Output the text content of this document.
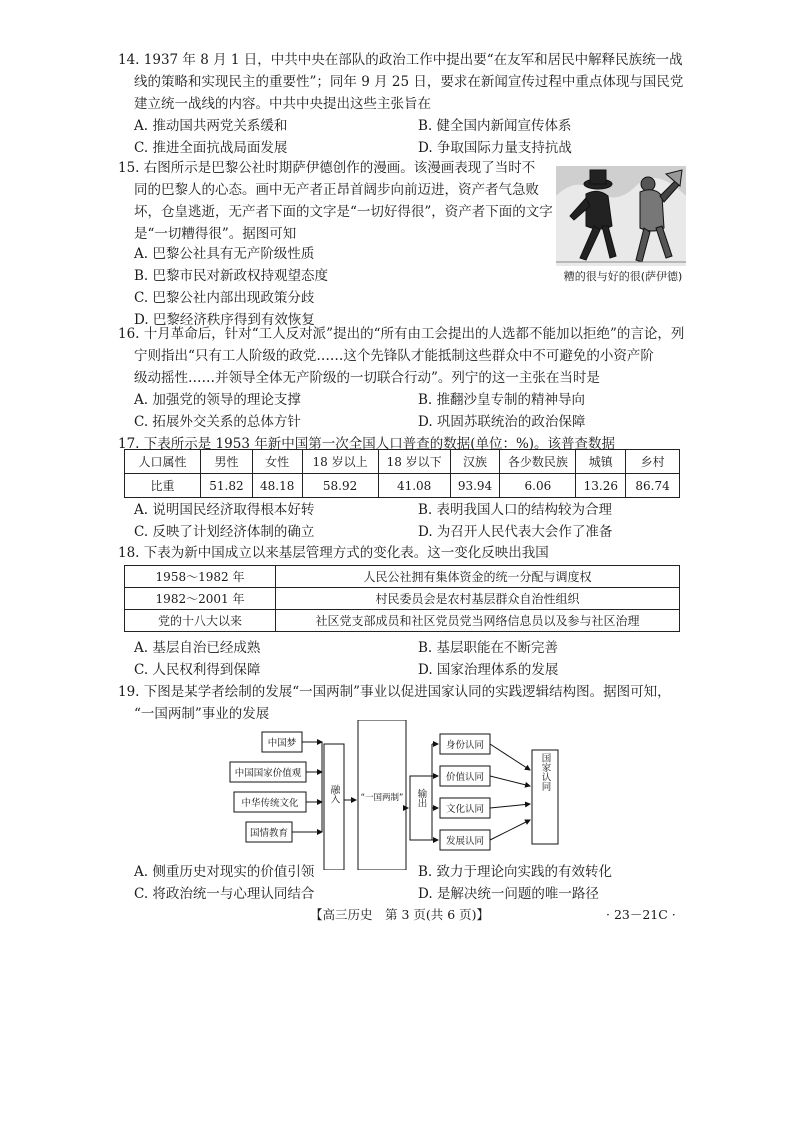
14. 1937 年 8 月 1 日，中共中央在部队的政治工作中提出要“在友军和居民中解释民族统一战
线的策略和实现民主的重要性”；同年 9 月 25 日，要求在新闻宣传过程中重点体现与国民党
建立统一战线的内容。中共中央提出这些主张旨在
A. 推动国共两党关系缓和	B. 健全国内新闻宣传体系
C. 推进全面抗战局面发展	D. 争取国际力量支持抗战
15. 右图所示是巴黎公社时期萨伊德创作的漫画。该漫画表现了当时不
同的巴黎人的心态。画中无产者正昂首阔步向前迈进，资产者气急败
坏，仓皇逃逝，无产者下面的文字是“一切好得很”，资产者下面的文字
是“一切糟得很”。据图可知
A. 巴黎公社具有无产阶级性质
B. 巴黎市民对新政权持观望态度
C. 巴黎公社内部出现政策分歧
D. 巴黎经济秩序得到有效恢复
糟的很与好的很(萨伊德)
16. 十月革命后，针对“工人反对派”提出的“所有由工会提出的人选都不能加以拒绝”的言论，列
宁则指出“只有工人阶级的政党……这个先锋队才能抵制这些群众中不可避免的小资产阶
级动摇性……并领导全体无产阶级的一切联合行动”。列宁的这一主张在当时是
A. 加强党的领导的理论支撑	B. 推翻沙皇专制的精神导向
C. 拓展外交关系的总体方针	D. 巩固苏联统治的政治保障
17. 下表所示是 1953 年新中国第一次全国人口普查的数据(单位：%)。该普查数据
人口属性	男性	女性	18 岁以上	18 岁以下	汉族	各少数民族	城镇	乡村
比重	51.82	48.18	58.92	41.08	93.94	6.06	13.26	86.74
A. 说明国民经济取得根本好转	B. 表明我国人口的结构较为合理
C. 反映了计划经济体制的确立	D. 为召开人民代表大会作了准备
18. 下表为新中国成立以来基层管理方式的变化表。这一变化反映出我国
1958～1982 年	人民公社拥有集体资金的统一分配与调度权
1982～2001 年	村民委员会是农村基层群众自治性组织
党的十八大以来	社区党支部成员和社区党员党当网络信息员以及参与社区治理
A. 基层自治已经成熟	B. 基层职能在不断完善
C. 人民权利得到保障	D. 国家治理体系的发展
19. 下图是某学者绘制的发展“一国两制”事业以促进国家认同的实践逻辑结构图。据图可知，
“一国两制”事业的发展
中国梦
中国国家价值观
中华传统文化
国情教育
融入 “一国两制” 输出
身份认同
价值认同
文化认同
发展认同
国家认同
A. 侧重历史对现实的价值引领	B. 致力于理论向实践的有效转化
C. 将政治统一与心理认同结合	D. 是解决统一问题的唯一路径
【高三历史　第 3 页(共 6 页)】	· 23－21C ·
